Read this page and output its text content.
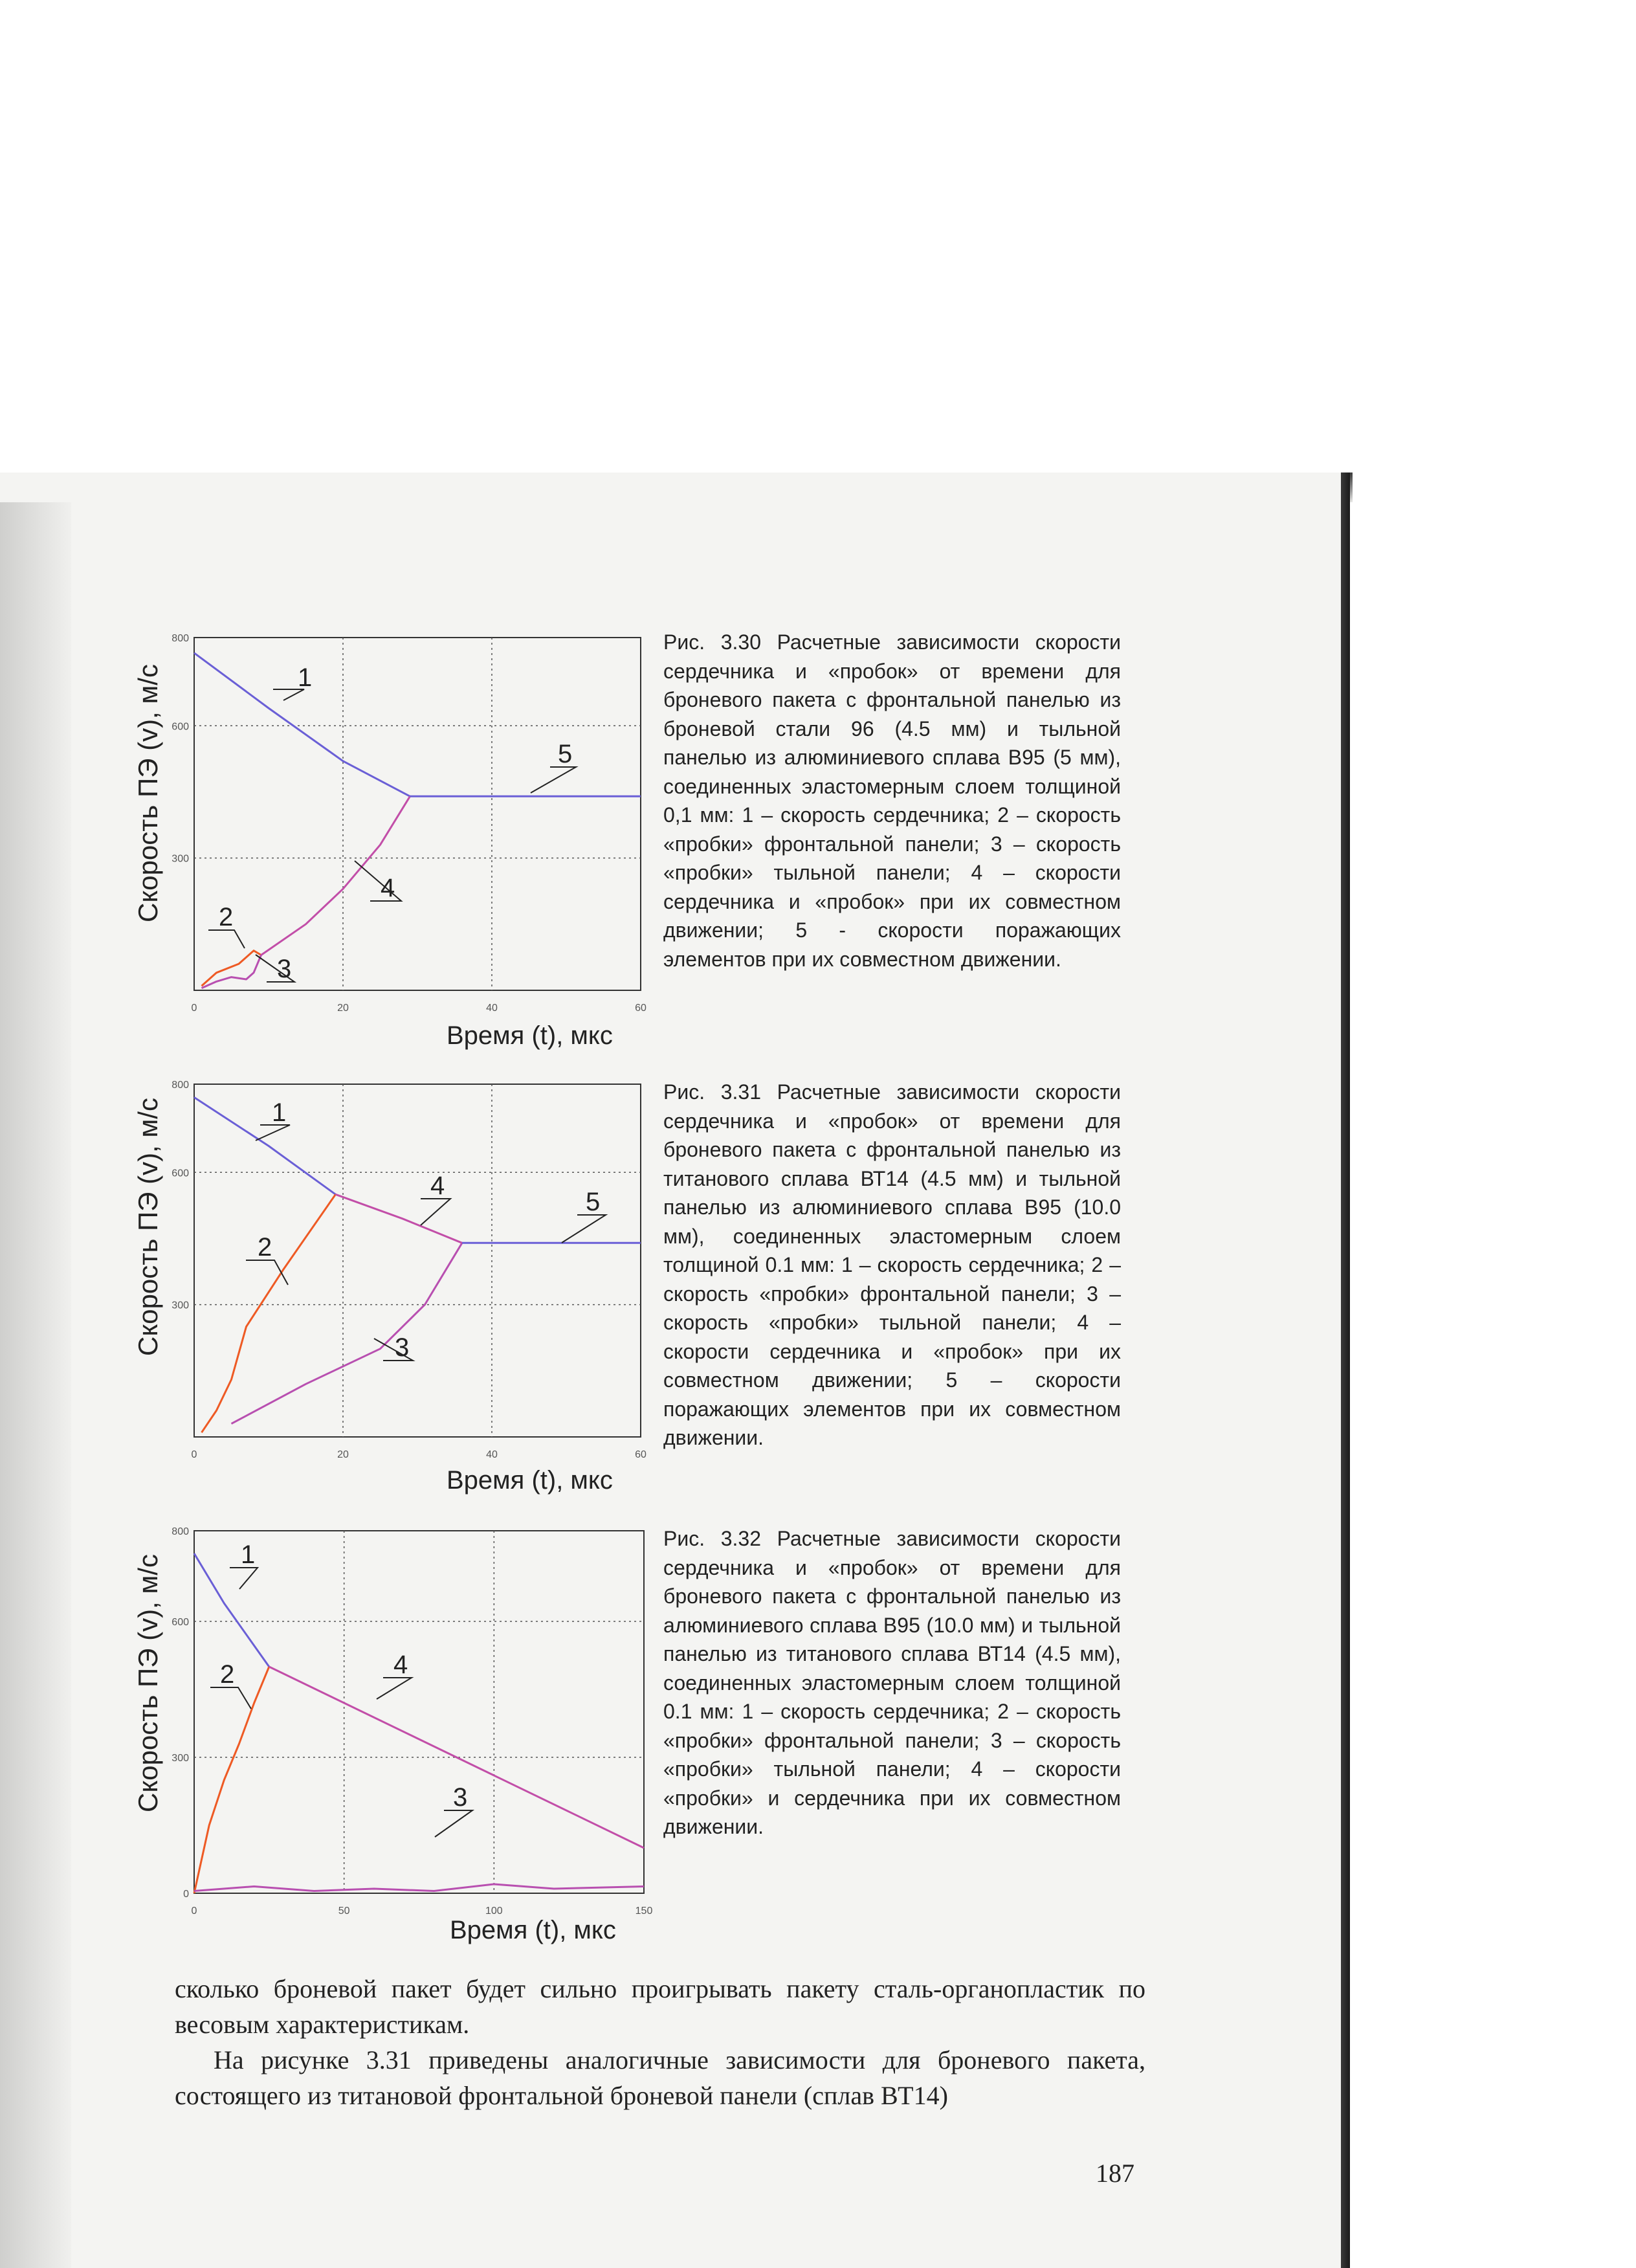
Скорость ПЭ (v), м/с
0	20	40	60
800
600
300
1
2
3
4
5
Время (t), мкс
Рис. 3.30 Расчетные зависимости скорости сердечника и «пробок» от времени для броневого пакета с фронтальной панелью из броневой стали 96 (4.5 мм) и тыльной панелью из алюминиевого сплава В95 (5 мм), соединенных эластомерным слоем толщиной 0,1 мм: 1 – скорость сердечника; 2 – скорость «пробки» фронтальной панели; 3 – скорость «пробки» тыльной панели; 4 – скорости сердечника и «пробок» при их совместном движении; 5 - скорости поражающих элементов при их совместном движении.
Скорость ПЭ (v), м/с
0	20	40	60
800
600
300
1
2
3
4
5
Время (t), мкс
Рис. 3.31 Расчетные зависимости скорости сердечника и «пробок» от времени для броневого пакета с фронтальной панелью из титанового сплава ВТ14 (4.5 мм) и тыльной панелью из алюминиевого сплава В95 (10.0 мм), соединенных эластомерным слоем толщиной 0.1 мм: 1 – скорость сердечника; 2 – скорость «пробки» фронтальной панели; 3 – скорость «пробки» тыльной панели; 4 – скорости сердечника и «пробок» при их совместном движении; 5 – скорости поражающих элементов при их совместном движении.
Скорость ПЭ (v), м/с
0	50	100	150
800
600
300
0
1
2
3
4
Время (t), мкс
Рис. 3.32 Расчетные зависимости скорости сердечника и «пробок» от времени для броневого пакета с фронтальной панелью из алюминиевого сплава В95 (10.0 мм) и тыльной панелью из титанового сплава ВТ14 (4.5 мм), соединенных эластомерным слоем толщиной 0.1 мм: 1 – скорость сердечника; 2 – скорость «пробки» фронтальной панели; 3 – скорость «пробки» тыльной панели; 4 – скорости «пробки» и сердечника при их совместном движении.
сколько броневой пакет будет сильно проигрывать пакету сталь-органопластик по весовым характеристикам.
На рисунке 3.31 приведены аналогичные зависимости для броневого пакета, состоящего из титановой фронтальной броневой панели (сплав ВТ14)
187
